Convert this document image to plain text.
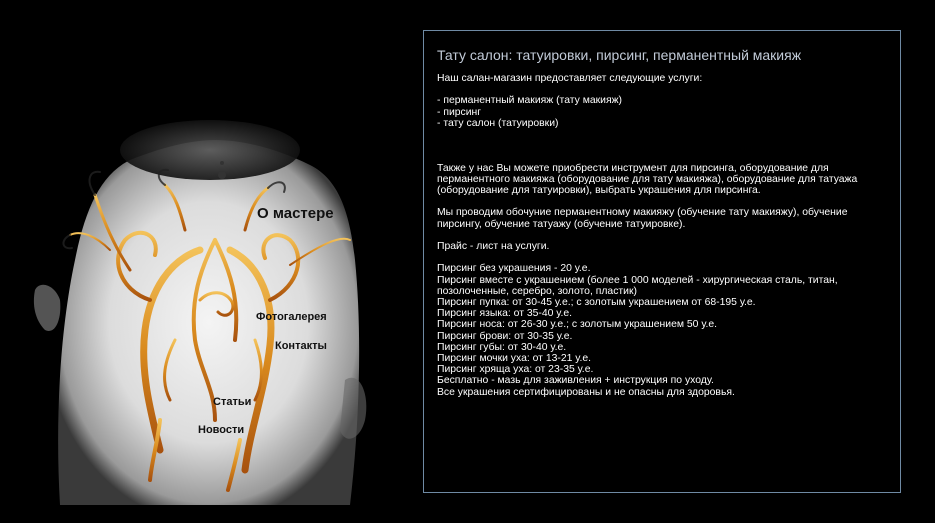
О мастере
Фотогалерея
Контакты
Статьи
Новости
Тату салон: татуировки, пирсинг, перманентный макияж

Наш салан-магазин предоставляет следующие услуги:

- перманентный макияж (тату макияж)

- пирсинг

- тату салон (татуировки)

Также у нас Вы можете приобрести инструмент для пирсинга, оборудование для перманентного макияжа (оборудование для тату макияжа), оборудование для татуажа (оборудование для татуировки), выбрать украшения для пирсинга.

Мы проводим обочуние перманентному макияжу (обучение тату макияжу), обучение пирсингу, обучение татуажу (обучение татуировке).

Прайс - лист на услуги.

Пирсинг без украшения - 20 у.е.

Пирсинг вместе с украшением (более 1 000 моделей - хирургическая сталь, титан, позолоченные, серебро, золото, пластик)

Пирсинг пупка: от 30-45 у.е.; с золотым украшением от 68-195 у.е.

Пирсинг языка: от 35-40 у.е.

Пирсинг носа: от 26-30 у.е.; с золотым украшением 50 у.е.

Пирсинг брови: от 30-35 у.е.

Пирсинг губы: от 30-40 у.е.

Пирсинг мочки уха: от 13-21 у.е.

Пирсинг хряща уха: от 23-35 у.е.

Бесплатно - мазь для заживления + инструкция по уходу.

Все украшения сертифицированы и не опасны для здоровья.
